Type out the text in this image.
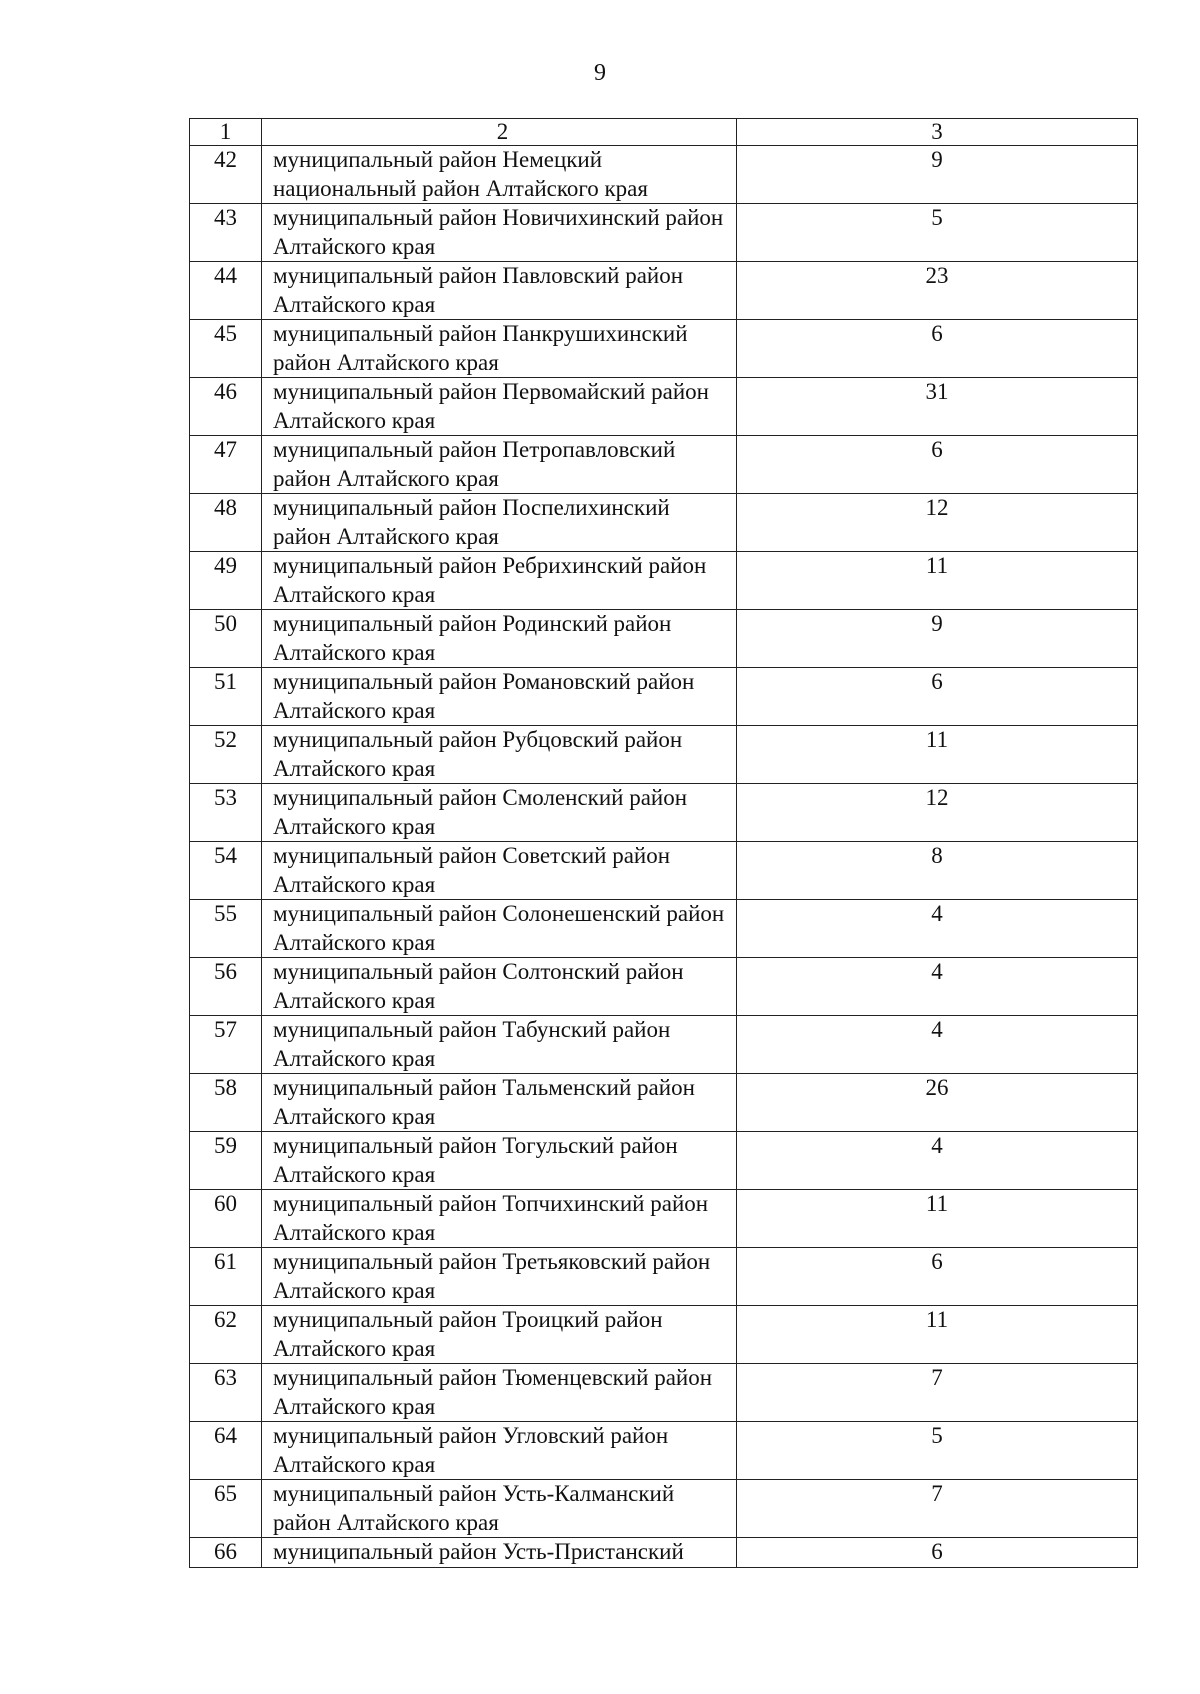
9
1	2	3
42	муниципальный район Немецкий национальный район Алтайского края	9
43	муниципальный район Новичихинский район Алтайского края	5
44	муниципальный район Павловский район Алтайского края	23
45	муниципальный район Панкрушихинский район Алтайского края	6
46	муниципальный район Первомайский район Алтайского края	31
47	муниципальный район Петропавловский район Алтайского края	6
48	муниципальный район Поспелихинский район Алтайского края	12
49	муниципальный район Ребрихинский район Алтайского края	11
50	муниципальный район Родинский район Алтайского края	9
51	муниципальный район Романовский район Алтайского края	6
52	муниципальный район Рубцовский район Алтайского края	11
53	муниципальный район Смоленский район Алтайского края	12
54	муниципальный район Советский район Алтайского края	8
55	муниципальный район Солонешенский район Алтайского края	4
56	муниципальный район Солтонский район Алтайского края	4
57	муниципальный район Табунский район Алтайского края	4
58	муниципальный район Тальменский район Алтайского края	26
59	муниципальный район Тогульский район Алтайского края	4
60	муниципальный район Топчихинский район Алтайского края	11
61	муниципальный район Третьяковский район Алтайского края	6
62	муниципальный район Троицкий район Алтайского края	11
63	муниципальный район Тюменцевский район Алтайского края	7
64	муниципальный район Угловский район Алтайского края	5
65	муниципальный район Усть-Калманский район Алтайского края	7
66	муниципальный район Усть-Пристанский	6
